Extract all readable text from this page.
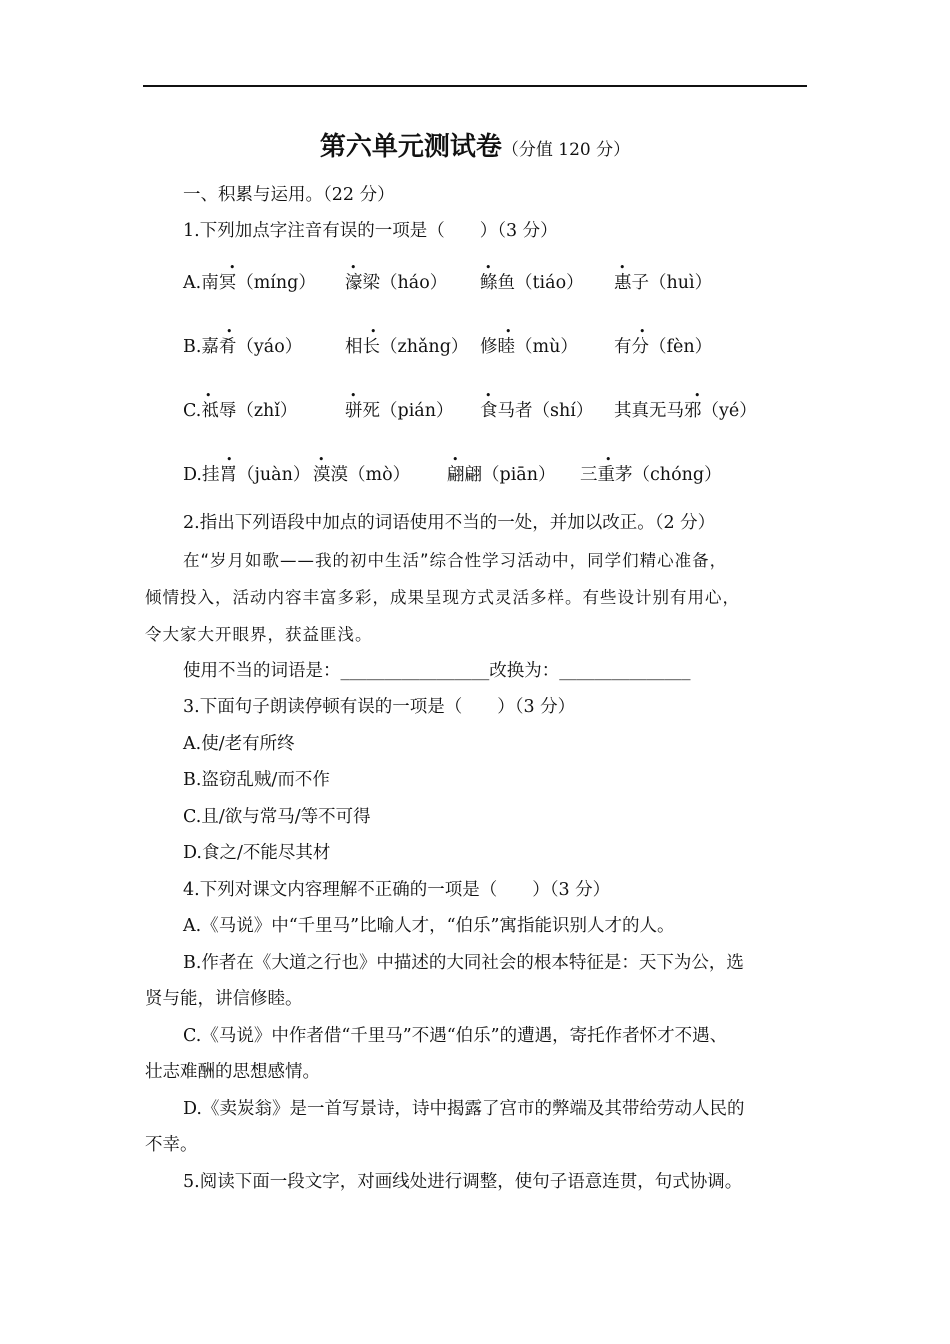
第六单元测试卷（分值 120 分）
一、积累与运用。（22 分）
1.下列加点字注音有误的一项是（　　）（3 分）
•
A.南冥（míng）
•
濠梁（háo）
•
鲦鱼（tiáo）
•
惠子（huì）
•
B.嘉肴（yáo）
•
相长（zhǎng）
•
修睦（mù）
•
有分（fèn）
•
C.祗辱（zhǐ）
•
骈死（pián）
•
食马者（shí）
•
其真无马邪（yé）
•
D.挂罥（juàn）
•
漠漠（mò）
•
翩翩（piān）
•
三重茅（chóng）
2.指出下列语段中加点的词语使用不当的一处，并加以改正。（2 分）
在“岁月如歌——我的初中生活”综合性学习活动中，同学们精心准备，
倾情投入，活动内容丰富多彩，成果呈现方式灵活多样。有些设计别有用心，
令大家大开眼界，获益匪浅。
使用不当的词语是：_________________改换为：_______________
3.下面句子朗读停顿有误的一项是（　　）（3 分）
A.使/老有所终
B.盗窃乱贼/而不作
C.且/欲与常马/等不可得
D.食之/不能尽其材
4.下列对课文内容理解不正确的一项是（　　）（3 分）
A.《马说》中“千里马”比喻人才，“伯乐”寓指能识别人才的人。
B.作者在《大道之行也》中描述的大同社会的根本特征是：天下为公，选
贤与能，讲信修睦。
C.《马说》中作者借“千里马”不遇“伯乐”的遭遇，寄托作者怀才不遇、
壮志难酬的思想感情。
D.《卖炭翁》是一首写景诗，诗中揭露了宫市的弊端及其带给劳动人民的
不幸。
5.阅读下面一段文字，对画线处进行调整，使句子语意连贯，句式协调。
